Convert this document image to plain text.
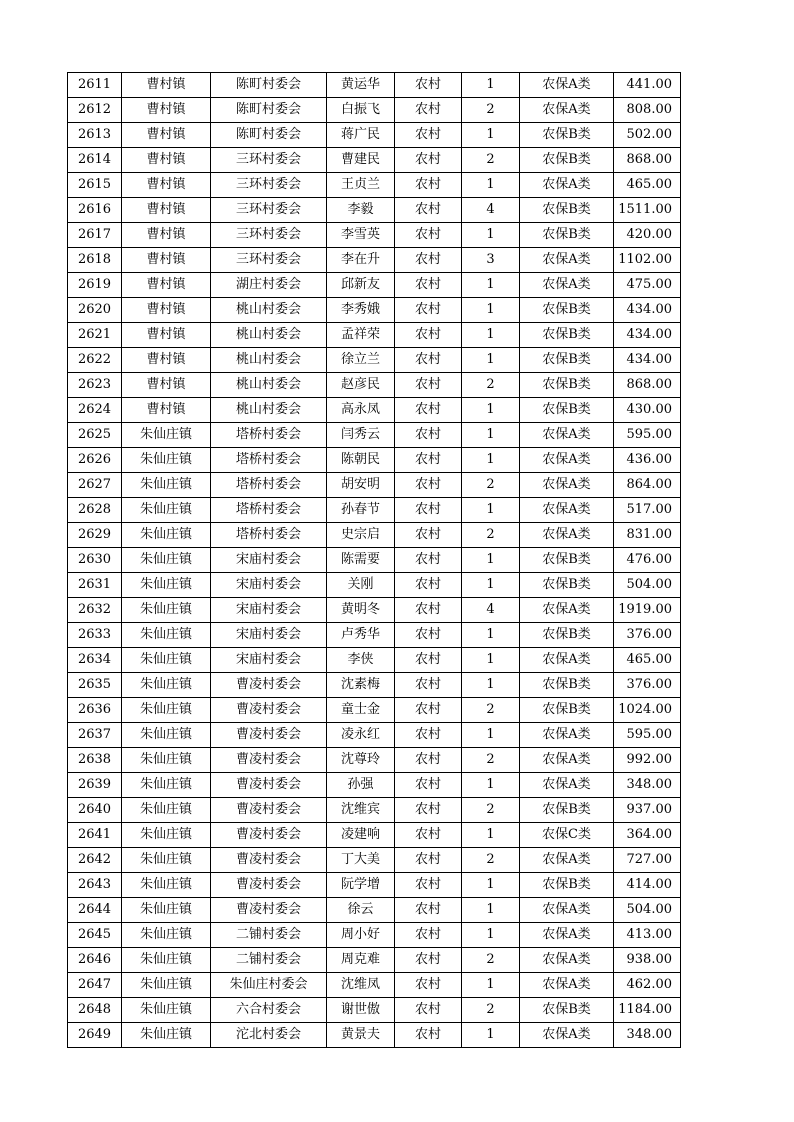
2611	曹村镇	陈町村委会	黄运华	农村	1	农保A类	441.00
2612	曹村镇	陈町村委会	白振飞	农村	2	农保A类	808.00
2613	曹村镇	陈町村委会	蒋广民	农村	1	农保B类	502.00
2614	曹村镇	三环村委会	曹建民	农村	2	农保B类	868.00
2615	曹村镇	三环村委会	王贞兰	农村	1	农保A类	465.00
2616	曹村镇	三环村委会	李毅	农村	4	农保B类	1511.00
2617	曹村镇	三环村委会	李雪英	农村	1	农保B类	420.00
2618	曹村镇	三环村委会	李在升	农村	3	农保A类	1102.00
2619	曹村镇	湖庄村委会	邱新友	农村	1	农保A类	475.00
2620	曹村镇	桃山村委会	李秀娥	农村	1	农保B类	434.00
2621	曹村镇	桃山村委会	孟祥荣	农村	1	农保B类	434.00
2622	曹村镇	桃山村委会	徐立兰	农村	1	农保B类	434.00
2623	曹村镇	桃山村委会	赵彦民	农村	2	农保B类	868.00
2624	曹村镇	桃山村委会	高永凤	农村	1	农保B类	430.00
2625	朱仙庄镇	塔桥村委会	闫秀云	农村	1	农保A类	595.00
2626	朱仙庄镇	塔桥村委会	陈朝民	农村	1	农保A类	436.00
2627	朱仙庄镇	塔桥村委会	胡安明	农村	2	农保A类	864.00
2628	朱仙庄镇	塔桥村委会	孙春节	农村	1	农保A类	517.00
2629	朱仙庄镇	塔桥村委会	史宗启	农村	2	农保A类	831.00
2630	朱仙庄镇	宋庙村委会	陈需要	农村	1	农保B类	476.00
2631	朱仙庄镇	宋庙村委会	关刚	农村	1	农保B类	504.00
2632	朱仙庄镇	宋庙村委会	黄明冬	农村	4	农保A类	1919.00
2633	朱仙庄镇	宋庙村委会	卢秀华	农村	1	农保B类	376.00
2634	朱仙庄镇	宋庙村委会	李侠	农村	1	农保A类	465.00
2635	朱仙庄镇	曹凌村委会	沈素梅	农村	1	农保B类	376.00
2636	朱仙庄镇	曹凌村委会	童士金	农村	2	农保B类	1024.00
2637	朱仙庄镇	曹凌村委会	凌永红	农村	1	农保A类	595.00
2638	朱仙庄镇	曹凌村委会	沈尊玲	农村	2	农保A类	992.00
2639	朱仙庄镇	曹凌村委会	孙强	农村	1	农保A类	348.00
2640	朱仙庄镇	曹凌村委会	沈维宾	农村	2	农保B类	937.00
2641	朱仙庄镇	曹凌村委会	凌建响	农村	1	农保C类	364.00
2642	朱仙庄镇	曹凌村委会	丁大美	农村	2	农保A类	727.00
2643	朱仙庄镇	曹凌村委会	阮学增	农村	1	农保B类	414.00
2644	朱仙庄镇	曹凌村委会	徐云	农村	1	农保A类	504.00
2645	朱仙庄镇	二铺村委会	周小好	农村	1	农保A类	413.00
2646	朱仙庄镇	二铺村委会	周克难	农村	2	农保A类	938.00
2647	朱仙庄镇	朱仙庄村委会	沈维凤	农村	1	农保A类	462.00
2648	朱仙庄镇	六合村委会	谢世傲	农村	2	农保B类	1184.00
2649	朱仙庄镇	沱北村委会	黄景夫	农村	1	农保A类	348.00
